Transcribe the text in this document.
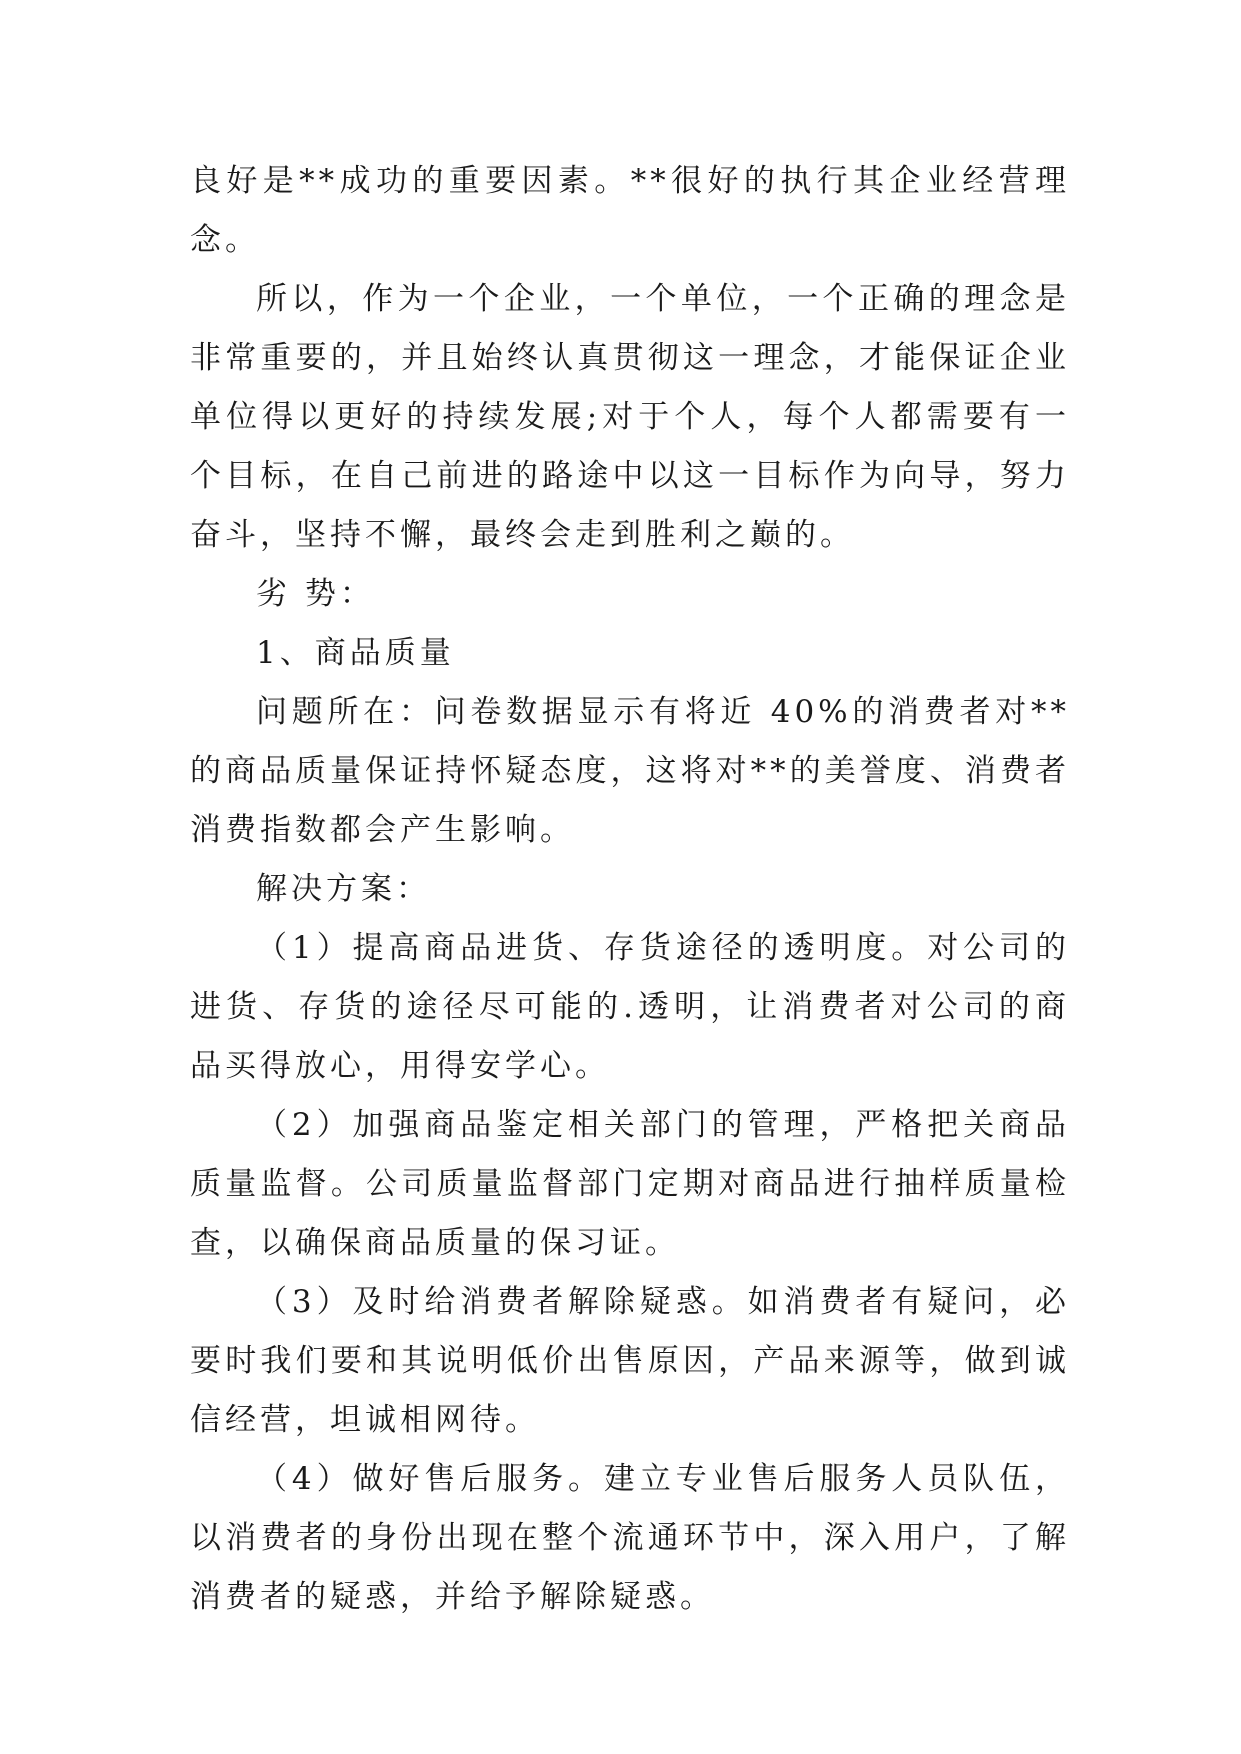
良好是**成功的重要因素。**很好的执行其企业经营理念。

所以，作为一个企业，一个单位，一个正确的理念是非常重要的，并且始终认真贯彻这一理念，才能保证企业单位得以更好的持续发展;对于个人，每个人都需要有一个目标，在自己前进的路途中以这一目标作为向导，努力奋斗，坚持不懈，最终会走到胜利之巅的。

劣 势：

1、商品质量

问题所在：问卷数据显示有将近 40%的消费者对**的商品质量保证持怀疑态度，这将对**的美誉度、消费者消费指数都会产生影响。

解决方案：

（1）提高商品进货、存货途径的透明度。对公司的进货、存货的途径尽可能的.透明，让消费者对公司的商品买得放心，用得安学心。

（2）加强商品鉴定相关部门的管理，严格把关商品质量监督。公司质量监督部门定期对商品进行抽样质量检查，以确保商品质量的保习证。

（3）及时给消费者解除疑惑。如消费者有疑问，必要时我们要和其说明低价出售原因，产品来源等，做到诚信经营，坦诚相网待。

（4）做好售后服务。建立专业售后服务人员队伍，以消费者的身份出现在整个流通环节中，深入用户，了解消费者的疑惑，并给予解除疑惑。
